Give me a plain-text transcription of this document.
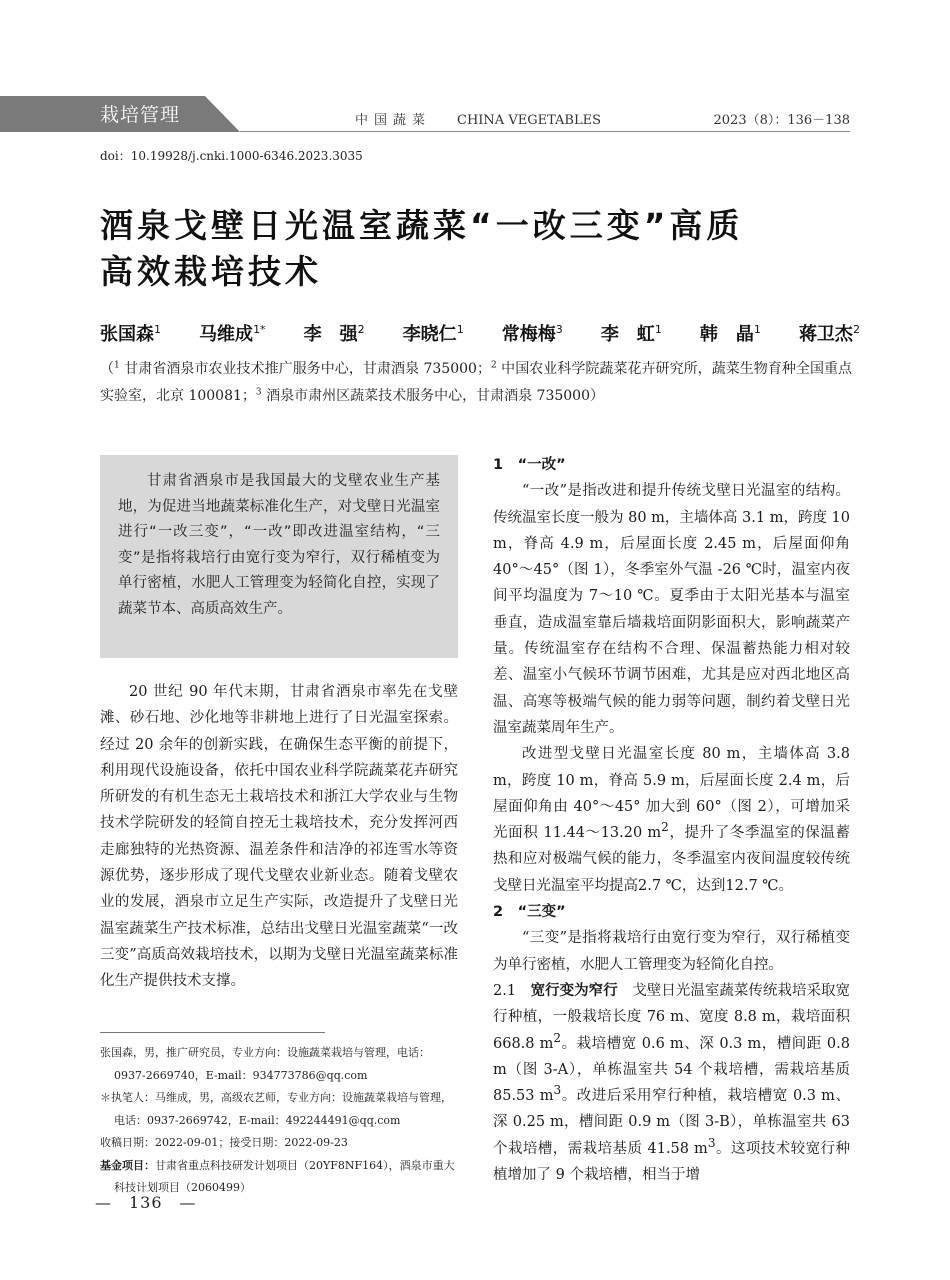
栽培管理	中国蔬菜 CHINA VEGETABLES	2023（8）：136－138
doi：10.19928/j.cnki.1000-6346.2023.3035
酒泉戈壁日光温室蔬菜“一改三变”高质
高效栽培技术
张国森$^1$ 马维成$^{1*}$ 李　强$^2$ 李晓仁$^1$ 常梅梅$^3$ 李　虹$^1$ 韩　晶$^1$ 蒋卫杰$^2$
（$^1$ 甘肃省酒泉市农业技术推广服务中心，甘肃酒泉 735000；$^2$ 中国农业科学院蔬菜花卉研究所，蔬菜生物育种全国重点实验室，北京 100081；$^3$ 酒泉市肃州区蔬菜技术服务中心，甘肃酒泉 735000）

甘肃省酒泉市是我国最大的戈壁农业生产基地，为促进当地蔬菜标准化生产，对戈壁日光温室进行“一改三变”，“一改”即改进温室结构，“三变”是指将栽培行由宽行变为窄行，双行稀植变为单行密植，水肥人工管理变为轻简化自控，实现了蔬菜节本、高质高效生产。

20 世纪 90 年代末期，甘肃省酒泉市率先在戈壁滩、砂石地、沙化地等非耕地上进行了日光温室探索。经过 20 余年的创新实践，在确保生态平衡的前提下，利用现代设施设备，依托中国农业科学院蔬菜花卉研究所研发的有机生态无土栽培技术和浙江大学农业与生物技术学院研发的轻简自控无土栽培技术，充分发挥河西走廊独特的光热资源、温差条件和洁净的祁连雪水等资源优势，逐步形成了现代戈壁农业新业态。随着戈壁农业的发展，酒泉市立足生产实际，改造提升了戈壁日光温室蔬菜生产技术标准，总结出戈壁日光温室蔬菜“一改三变”高质高效栽培技术，以期为戈壁日光温室蔬菜标准化生产提供技术支撑。

张国森，男，推广研究员，专业方向：设施蔬菜栽培与管理，电话：

0937-2669740，E-mail：934773786@qq.com

＊执笔人：马维成，男，高级农艺师，专业方向：设施蔬菜栽培与管理，

电话：0937-2669742，E-mail：492244491@qq.com

收稿日期：2022-09-01；接受日期：2022-09-23

基金项目：甘肃省重点科技研发计划项目（20YF8NF164），酒泉市重大

科技计划项目（2060499）

—　136　—

1　“一改”

“一改”是指改进和提升传统戈壁日光温室的结构。传统温室长度一般为 80 m，主墙体高 3.1 m，跨度 10 m，脊高 4.9 m，后屋面长度 2.45 m，后屋面仰角 40°～45°（图 1），冬季室外气温 -26 ℃时，温室内夜间平均温度为 7～10 ℃。夏季由于太阳光基本与温室垂直，造成温室靠后墙栽培面阴影面积大，影响蔬菜产量。传统温室存在结构不合理、保温蓄热能力相对较差、温室小气候环节调节困难，尤其是应对西北地区高温、高寒等极端气候的能力弱等问题，制约着戈壁日光温室蔬菜周年生产。

改进型戈壁日光温室长度 80 m，主墙体高 3.8 m，跨度 10 m，脊高 5.9 m，后屋面长度 2.4 m，后屋面仰角由 40°～45° 加大到 60°（图 2），可增加采光面积 11.44～13.20 $m^2$，提升了冬季温室的保温蓄热和应对极端气候的能力，冬季温室内夜间温度较传统戈壁日光温室平均提高2.7 ℃，达到12.7 ℃。

2　“三变”

“三变”是指将栽培行由宽行变为窄行，双行稀植变为单行密植，水肥人工管理变为轻简化自控。

2.1　宽行变为窄行　戈壁日光温室蔬菜传统栽培采取宽行种植，一般栽培长度 76 m、宽度 8.8 m，栽培面积 668.8 $m^2$。栽培槽宽 0.6 m、深 0.3 m，槽间距 0.8 m（图 3-A），单栋温室共 54 个栽培槽，需栽培基质 85.53 $m^3$。改进后采用窄行种植，栽培槽宽 0.3 m、深 0.25 m，槽间距 0.9 m（图 3-B），单栋温室共 63 个栽培槽，需栽培基质 41.58 $m^3$。这项技术较宽行种植增加了 9 个栽培槽，相当于增
